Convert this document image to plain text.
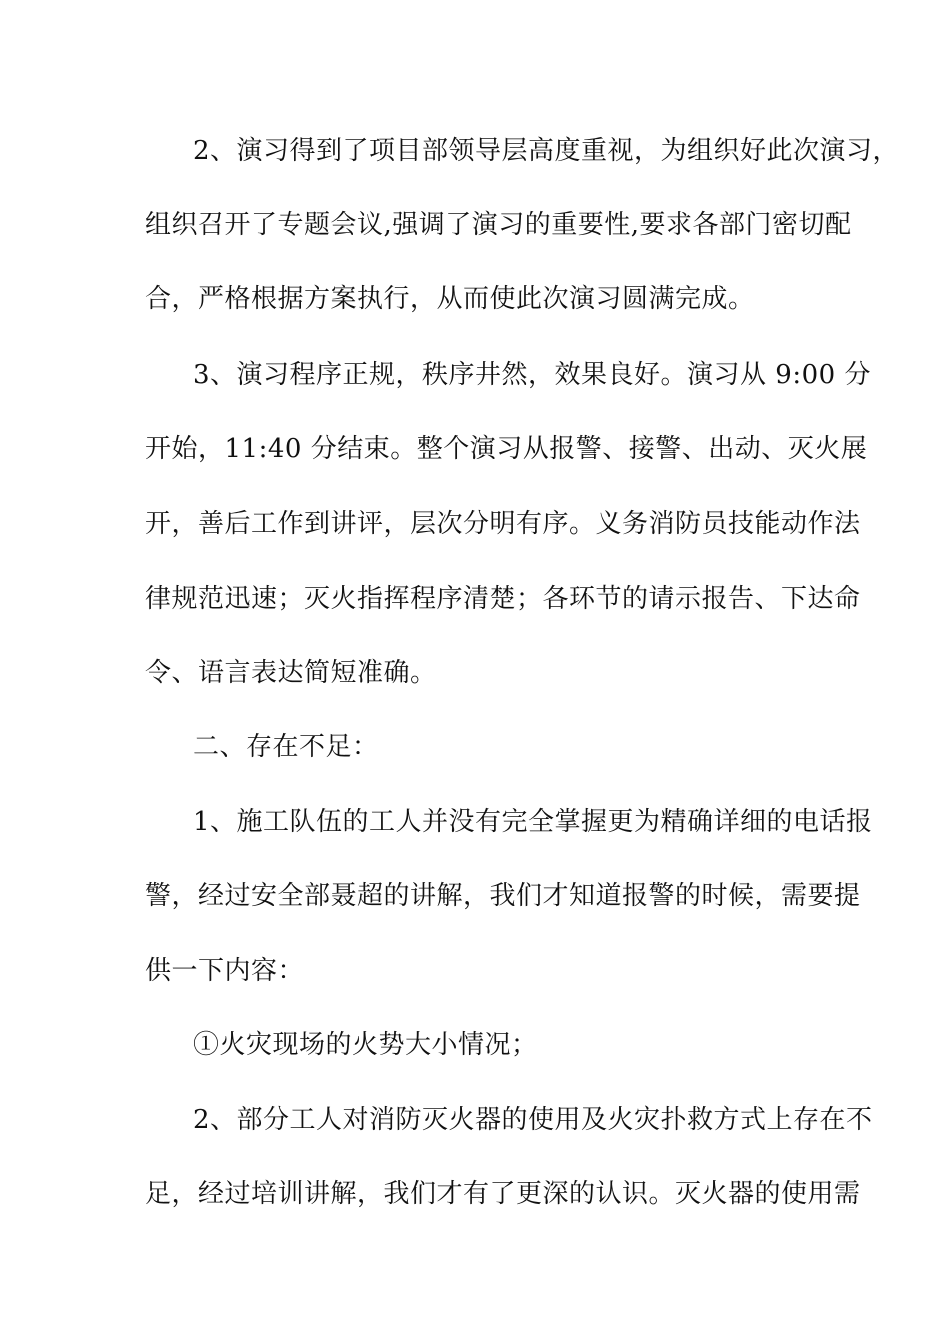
2、演习得到了项目部领导层高度重视，为组织好此次演习，
组织召开了专题会议,强调了演习的重要性,要求各部门密切配
合，严格根据方案执行，从而使此次演习圆满完成。
3、演习程序正规，秩序井然，效果良好。演习从 9:00 分
开始，11:40 分结束。整个演习从报警、接警、出动、灭火展
开，善后工作到讲评，层次分明有序。义务消防员技能动作法
律规范迅速；灭火指挥程序清楚；各环节的请示报告、下达命
令、语言表达简短准确。
二、存在不足：
1、施工队伍的工人并没有完全掌握更为精确详细的电话报
警，经过安全部聂超的讲解，我们才知道报警的时候，需要提
供一下内容：
①火灾现场的火势大小情况；
2、部分工人对消防灭火器的使用及火灾扑救方式上存在不
足，经过培训讲解，我们才有了更深的认识。灭火器的使用需
